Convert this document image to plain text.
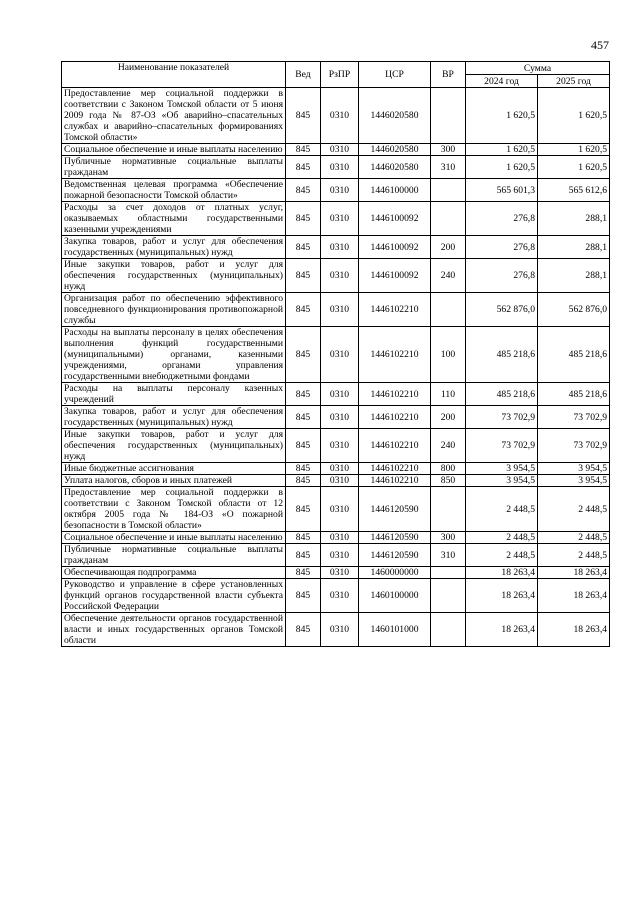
457
Наименование показателей	Вед	РзПР	ЦСР	ВР	Сумма	
					2024 год	2025 год
Предоставление мер социальной поддержки в соответствии с Законом Томской области от 5 июня 2009 года № 87-ОЗ «Об аварийно–спасательных службах и аварийно–спасательных формированиях Томской области»	845	0310	1446020580		1 620,5	1 620,5
Социальное обеспечение и иные выплаты населению	845	0310	1446020580	300	1 620,5	1 620,5
Публичные нормативные социальные выплаты гражданам	845	0310	1446020580	310	1 620,5	1 620,5
Ведомственная целевая программа «Обеспечение пожарной безопасности Томской области»	845	0310	1446100000		565 601,3	565 612,6
Расходы за счет доходов от платных услуг, оказываемых областными государственными казенными учреждениями	845	0310	1446100092		276,8	288,1
Закупка товаров, работ и услуг для обеспечения государственных (муниципальных) нужд	845	0310	1446100092	200	276,8	288,1
Иные закупки товаров, работ и услуг для обеспечения государственных (муниципальных) нужд	845	0310	1446100092	240	276,8	288,1
Организация работ по обеспечению эффективного повседневного функционирования противопожарной службы	845	0310	1446102210		562 876,0	562 876,0
Расходы на выплаты персоналу в целях обеспечения выполнения функций государственными (муниципальными) органами, казенными учреждениями, органами управления государственными внебюджетными фондами	845	0310	1446102210	100	485 218,6	485 218,6
Расходы на выплаты персоналу казенных учреждений	845	0310	1446102210	110	485 218,6	485 218,6
Закупка товаров, работ и услуг для обеспечения государственных (муниципальных) нужд	845	0310	1446102210	200	73 702,9	73 702,9
Иные закупки товаров, работ и услуг для обеспечения государственных (муниципальных) нужд	845	0310	1446102210	240	73 702,9	73 702,9
Иные бюджетные ассигнования	845	0310	1446102210	800	3 954,5	3 954,5
Уплата налогов, сборов и иных платежей	845	0310	1446102210	850	3 954,5	3 954,5
Предоставление мер социальной поддержки в соответствии с Законом Томской области от 12 октября 2005 года № 184-ОЗ «О пожарной безопасности в Томской области»	845	0310	1446120590		2 448,5	2 448,5
Социальное обеспечение и иные выплаты населению	845	0310	1446120590	300	2 448,5	2 448,5
Публичные нормативные социальные выплаты гражданам	845	0310	1446120590	310	2 448,5	2 448,5
Обеспечивающая подпрограмма	845	0310	1460000000		18 263,4	18 263,4
Руководство и управление в сфере установленных функций органов государственной власти субъекта Российской Федерации	845	0310	1460100000		18 263,4	18 263,4
Обеспечение деятельности органов государственной власти и иных государственных органов Томской области	845	0310	1460101000		18 263,4	18 263,4
